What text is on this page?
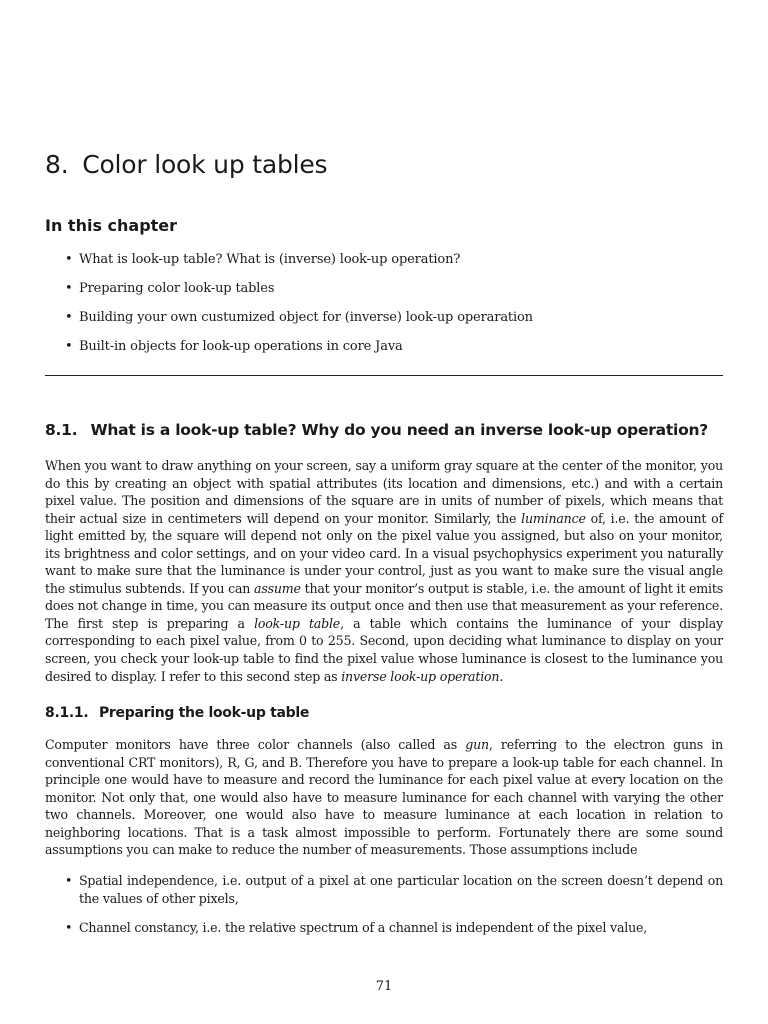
8. Color look up tables
In this chapter
• What is look-up table? What is (inverse) look-up operation?
• Preparing color look-up tables
• Building your own custumized object for (inverse) look-up operaration
• Built-in objects for look-up operations in core Java
8.1. What is a look-up table? Why do you need an inverse look-up operation?

When you want to draw anything on your screen, say a uniform gray square at the center of the monitor, you do this by creating an object with spatial attributes (its location and dimensions, etc.) and with a certain pixel value. The position and dimensions of the square are in units of number of pixels, which means that their actual size in centimeters will depend on your monitor. Similarly, the luminance of, i.e. the amount of light emitted by, the square will depend not only on the pixel value you assigned, but also on your monitor, its brightness and color settings, and on your video card. In a visual psychophysics experiment you naturally want to make sure that the luminance is under your control, just as you want to make sure the visual angle the stimulus subtends. If you can assume that your monitor’s output is stable, i.e. the amount of light it emits does not change in time, you can measure its output once and then use that measurement as your reference. The first step is preparing a look-up table, a table which contains the luminance of your display corresponding to each pixel value, from 0 to 255. Second, upon deciding what luminance to display on your screen, you check your look-up table to find the pixel value whose luminance is closest to the luminance you desired to display. I refer to this second step as inverse look-up operation.

8.1.1. Preparing the look-up table

Computer monitors have three color channels (also called as gun, referring to the electron guns in conventional CRT monitors), R, G, and B. Therefore you have to prepare a look-up table for each channel. In principle one would have to measure and record the luminance for each pixel value at every location on the monitor. Not only that, one would also have to measure luminance for each channel with varying the other two channels. Moreover, one would also have to measure luminance at each location in relation to neighboring locations. That is a task almost impossible to perform. Fortunately there are some sound assumptions you can make to reduce the number of measurements. Those assumptions include

• Spatial independence, i.e. output of a pixel at one particular location on the screen doesn’t depend on the values of other pixels,
• Channel constancy, i.e. the relative spectrum of a channel is independent of the pixel value,
71
